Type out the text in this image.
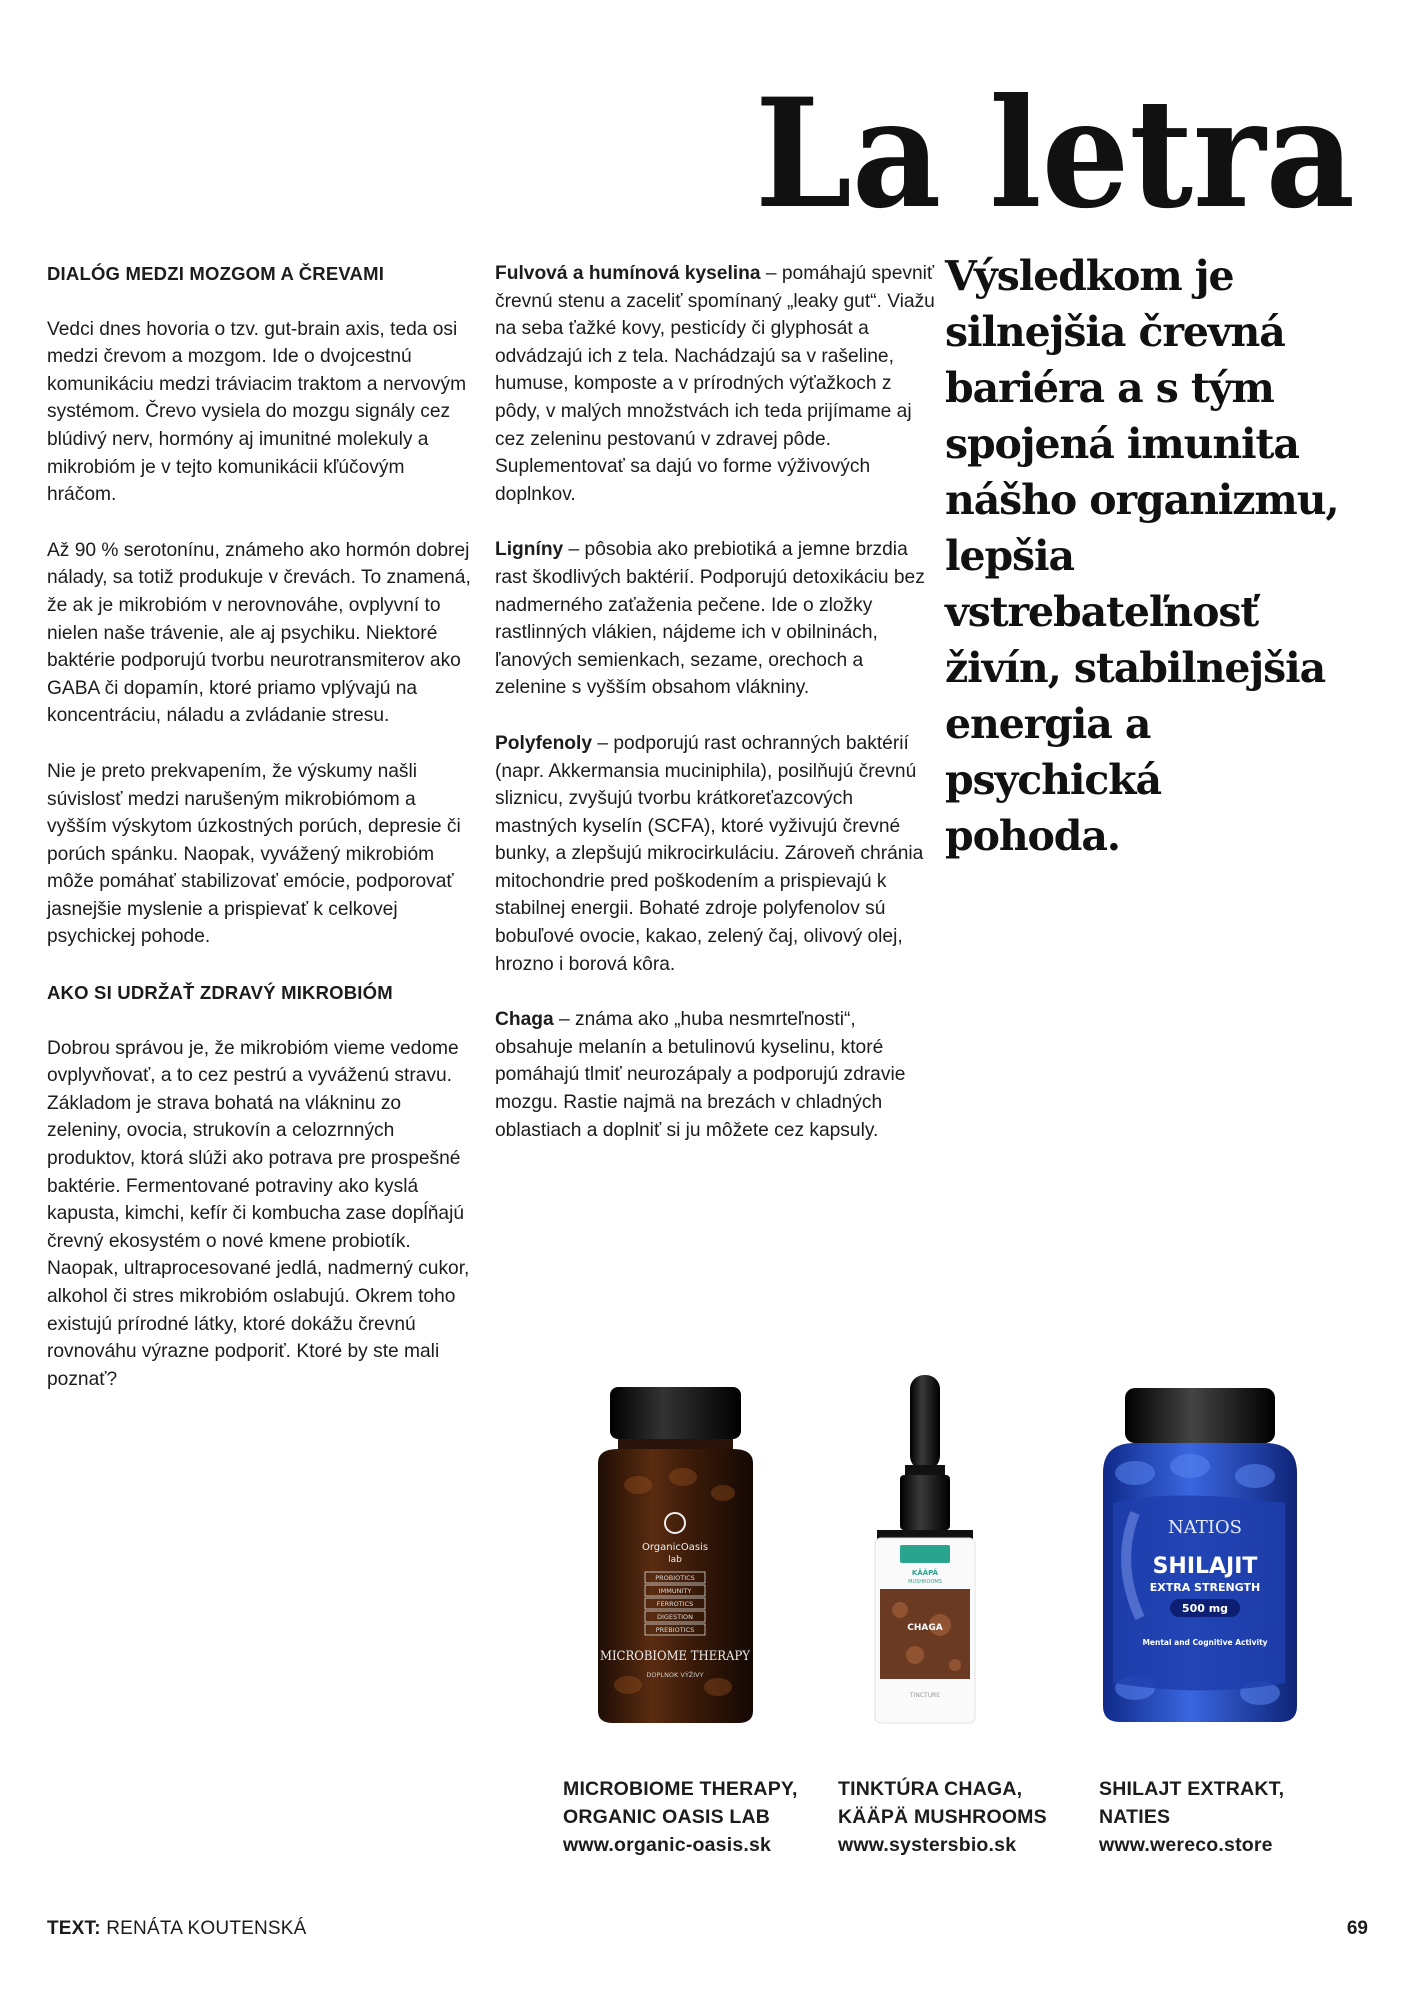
La letra
DIALÓG MEDZI MOZGOM A ČREVAMI

Vedci dnes hovoria o tzv. gut-brain axis, teda osi medzi črevom a mozgom. Ide o dvojcestnú komunikáciu medzi tráviacim traktom a nervovým systémom. Črevo vysiela do mozgu signály cez blúdivý nerv, hormóny aj imunitné molekuly a mikrobióm je v tejto komunikácii kľúčovým hráčom.

Až 90 % serotonínu, známeho ako hormón dobrej nálady, sa totiž produkuje v črevách. To znamená, že ak je mikrobióm v nerovnováhe, ovplyvní to nielen naše trávenie, ale aj psychiku. Niektoré baktérie podporujú tvorbu neurotransmiterov ako GABA či dopamín, ktoré priamo vplývajú na koncentráciu, náladu a zvládanie stresu.

Nie je preto prekvapením, že výskumy našli súvislosť medzi narušeným mikrobiómom a vyšším výskytom úzkostných porúch, depresie či porúch spánku. Naopak, vyvážený mikrobióm môže pomáhať stabilizovať emócie, podporovať jasnejšie myslenie a prispievať k celkovej psychickej pohode.

AKO SI UDRŽAŤ ZDRAVÝ MIKROBIÓM

Dobrou správou je, že mikrobióm vieme vedome ovplyvňovať, a to cez pestrú a vyváženú stravu. Základom je strava bohatá na vlákninu zo zeleniny, ovocia, strukovín a celozrnných produktov, ktorá slúži ako potrava pre prospešné baktérie. Fermentované potraviny ako kyslá kapusta, kimchi, kefír či kombucha zase dopĺňajú črevný ekosystém o nové kmene probiotík. Naopak, ultraprocesované jedlá, nadmerný cukor, alkohol či stres mikrobióm oslabujú. Okrem toho existujú prírodné látky, ktoré dokážu črevnú rovnováhu výrazne podporiť. Ktoré by ste mali poznať?

Fulvová a humínová kyselina – pomáhajú spevniť črevnú stenu a zaceliť spomínaný „leaky gut“. Viažu na seba ťažké kovy, pesticídy či glyphosát a odvádzajú ich z tela. Nachádzajú sa v rašeline, humuse, komposte a v prírodných výťažkoch z pôdy, v malých množstvách ich teda prijímame aj cez zeleninu pestovanú v zdravej pôde. Suplementovať sa dajú vo forme výživových doplnkov.

Ligníny – pôsobia ako prebiotiká a jemne brzdia rast škodlivých baktérií. Podporujú detoxikáciu bez nadmerného zaťaženia pečene. Ide o zložky rastlinných vlákien, nájdeme ich v obilninách, ľanových semienkach, sezame, orechoch a zelenine s vyšším obsahom vlákniny.

Polyfenoly – podporujú rast ochranných baktérií (napr. Akkermansia muciniphila), posilňujú črevnú sliznicu, zvyšujú tvorbu krátkoreťazcových mastných kyselín (SCFA), ktoré vyživujú črevné bunky, a zlepšujú mikrocirkuláciu. Zároveň chránia mitochondrie pred poškodením a prispievajú k stabilnej energii. Bohaté zdroje polyfenolov sú bobuľové ovocie, kakao, zelený čaj, olivový olej, hrozno i borová kôra.

Chaga – známa ako „huba nesmrteľnosti“, obsahuje melanín a betulinovú kyselinu, ktoré pomáhajú tlmiť neurozápaly a podporujú zdravie mozgu. Rastie najmä na brezách v chladných oblastiach a doplniť si ju môžete cez kapsuly.

Výsledkom je silnejšia črevná bariéra a s tým spojená imunita nášho organizmu, lepšia vstrebateľnosť živín, stabilnejšia energia a psychická pohoda.
OrganicOasis
lab
PROBIOTICS
IMMUNITY
FERROTICS
DIGESTION
PREBIOTICS
MICROBIOME THERAPY
DOPLNOK VÝŽIVY
KÄÄPÄ
MUSHROOMS
CHAGA
TINCTURE
NATIOS
SHILAJIT
EXTRA STRENGTH
500 mg
Mental and Cognitive Activity
MICROBIOME THERAPY,
ORGANIC OASIS LAB
www.organic-oasis.sk
TINKTÚRA CHAGA,
KÄÄPÄ MUSHROOMS
www.systersbio.sk
SHILAJT EXTRAKT,
NATIES
www.wereco.store
TEXT: RENÁTA KOUTENSKÁ	69
